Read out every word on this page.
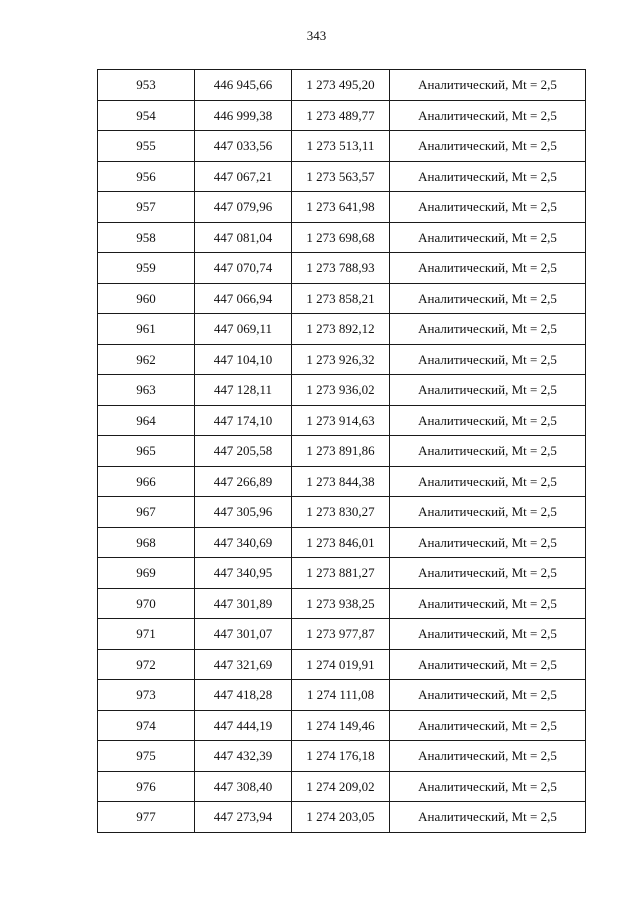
343
953	446 945,66	1 273 495,20	Аналитический, Mt = 2,5
954	446 999,38	1 273 489,77	Аналитический, Mt = 2,5
955	447 033,56	1 273 513,11	Аналитический, Mt = 2,5
956	447 067,21	1 273 563,57	Аналитический, Mt = 2,5
957	447 079,96	1 273 641,98	Аналитический, Mt = 2,5
958	447 081,04	1 273 698,68	Аналитический, Mt = 2,5
959	447 070,74	1 273 788,93	Аналитический, Mt = 2,5
960	447 066,94	1 273 858,21	Аналитический, Mt = 2,5
961	447 069,11	1 273 892,12	Аналитический, Mt = 2,5
962	447 104,10	1 273 926,32	Аналитический, Mt = 2,5
963	447 128,11	1 273 936,02	Аналитический, Mt = 2,5
964	447 174,10	1 273 914,63	Аналитический, Mt = 2,5
965	447 205,58	1 273 891,86	Аналитический, Mt = 2,5
966	447 266,89	1 273 844,38	Аналитический, Mt = 2,5
967	447 305,96	1 273 830,27	Аналитический, Mt = 2,5
968	447 340,69	1 273 846,01	Аналитический, Mt = 2,5
969	447 340,95	1 273 881,27	Аналитический, Mt = 2,5
970	447 301,89	1 273 938,25	Аналитический, Mt = 2,5
971	447 301,07	1 273 977,87	Аналитический, Mt = 2,5
972	447 321,69	1 274 019,91	Аналитический, Mt = 2,5
973	447 418,28	1 274 111,08	Аналитический, Mt = 2,5
974	447 444,19	1 274 149,46	Аналитический, Mt = 2,5
975	447 432,39	1 274 176,18	Аналитический, Mt = 2,5
976	447 308,40	1 274 209,02	Аналитический, Mt = 2,5
977	447 273,94	1 274 203,05	Аналитический, Mt = 2,5
